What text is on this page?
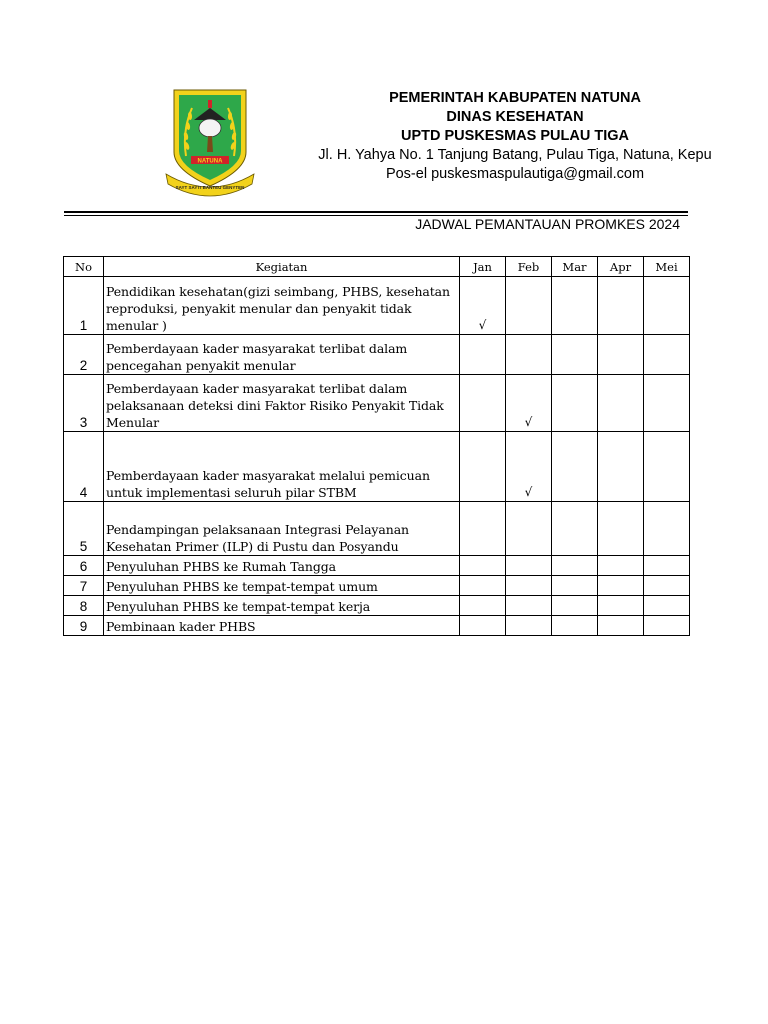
NATUNA
SAYT SAYTI BANTEU GENYTEN
PEMERINTAH KABUPATEN NATUNA
DINAS KESEHATAN
UPTD PUSKESMAS PULAU TIGA
Jl. H. Yahya No. 1 Tanjung Batang, Pulau Tiga, Natuna, Kepu
Pos-el puskesmaspulautiga@gmail.com
JADWAL PEMANTAUAN PROMKES 2024
No	Kegiatan	Jan	Feb	Mar	Apr	Mei
1	Pendidikan kesehatan(gizi seimbang, PHBS, kesehatan reproduksi, penyakit menular dan penyakit tidak menular )	√				
2	Pemberdayaan kader masyarakat terlibat dalam pencegahan penyakit menular					
3	Pemberdayaan kader masyarakat terlibat dalam pelaksanaan deteksi dini Faktor Risiko Penyakit Tidak Menular		√			
4	Pemberdayaan kader masyarakat melalui pemicuan untuk implementasi seluruh pilar STBM		√			
5	Pendampingan pelaksanaan Integrasi Pelayanan Kesehatan Primer (ILP) di Pustu dan Posyandu					
6	Penyuluhan PHBS ke Rumah Tangga					
7	Penyuluhan PHBS ke tempat-tempat umum					
8	Penyuluhan PHBS ke tempat-tempat kerja					
9	Pembinaan kader PHBS					
